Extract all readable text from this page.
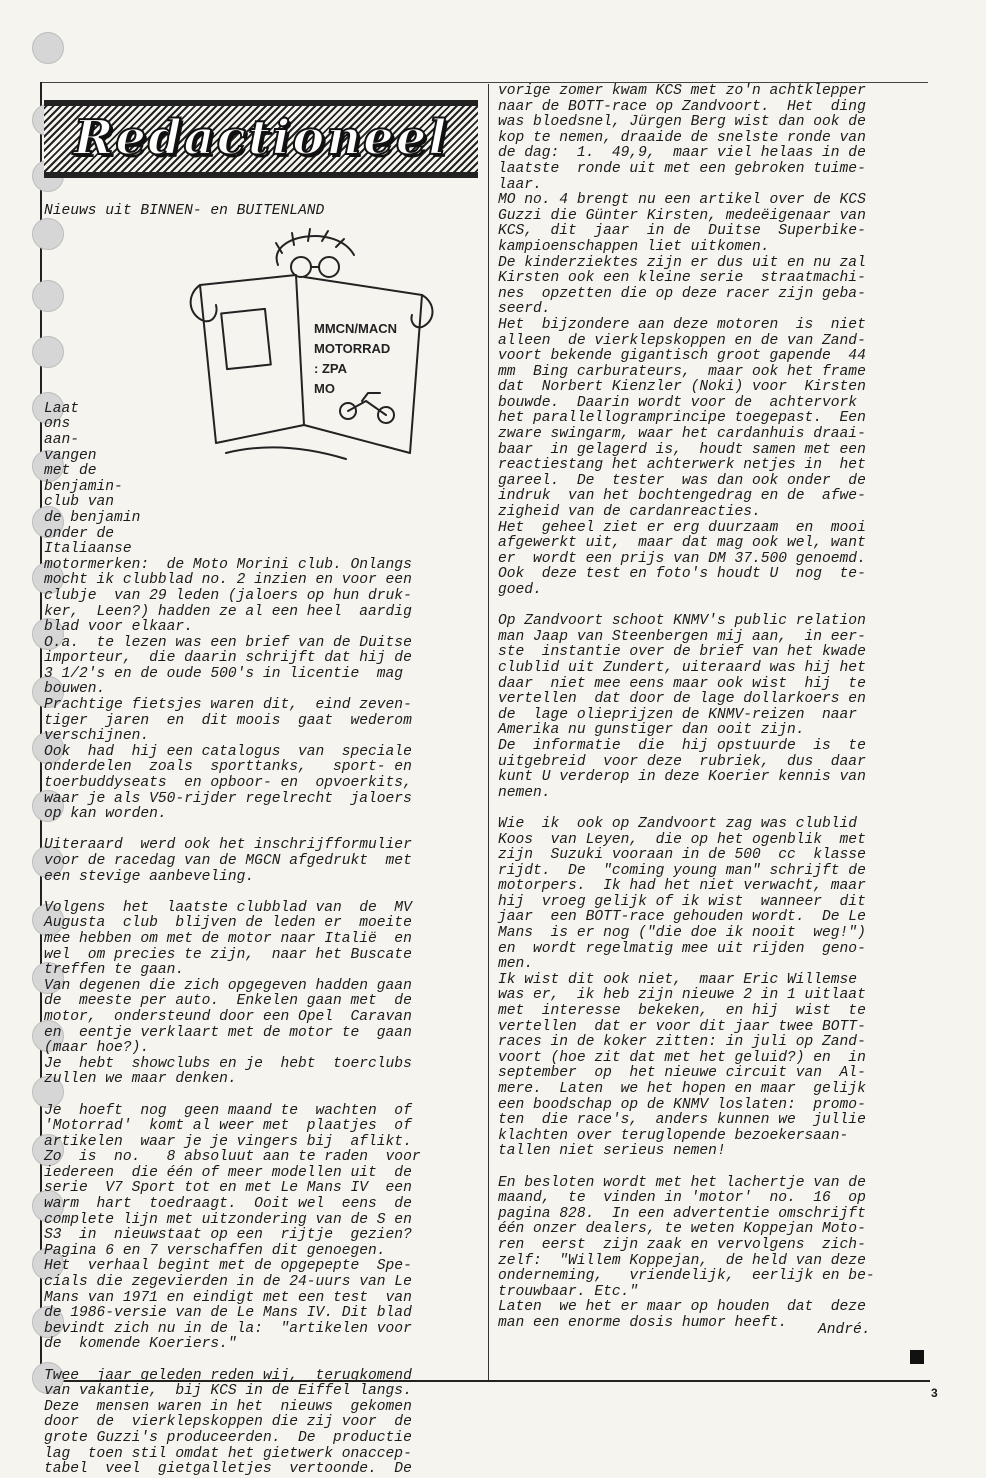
Redactioneel
Nieuws uit BINNEN- en BUITENLAND
MMCN/MACN
MOTORRAD
: ZPA
MO

Laat
ons
aan-
vangen
met de
benjamin-
club van
de benjamin
onder de
Italiaanse
motormerken:  de Moto Morini club. Onlangs
mocht ik clubblad no. 2 inzien en voor een
clubje  van 29 leden (jaloers op hun druk-
ker,  Leen?) hadden ze al een heel  aardig
blad voor elkaar.
O.a.  te lezen was een brief van de Duitse
importeur,  die daarin schrijft dat hij de
3 1/2's en de oude 500's in licentie  mag
bouwen.
Prachtige fietsjes waren dit,  eind zeven-
tiger  jaren  en  dit moois  gaat  wederom
verschijnen.
Ook  had  hij een catalogus  van  speciale
onderdelen  zoals  sporttanks,   sport- en
toerbuddyseats  en opboor- en  opvoerkits,
waar je als V50-rijder regelrecht  jaloers
op kan worden.

Uiteraard  werd ook het inschrijfformulier
voor de racedag van de MGCN afgedrukt  met
een stevige aanbeveling.

Volgens  het  laatste clubblad van  de  MV
Augusta  club  blijven de leden er  moeite
mee hebben om met de motor naar Italië  en
wel  om precies te zijn,  naar het Buscate
treffen te gaan.
Van degenen die zich opgegeven hadden gaan
de  meeste per auto.  Enkelen gaan met  de
motor,  ondersteund door een Opel  Caravan
en  eentje verklaart met de motor te  gaan
(maar hoe?).
Je  hebt  showclubs en je  hebt  toerclubs
zullen we maar denken.

Je  hoeft  nog  geen maand te  wachten  of
'Motorrad'  komt al weer met  plaatjes  of
artikelen  waar je je vingers bij  aflikt.
Zo  is  no.   8 absoluut aan te raden  voor
iedereen  die één of meer modellen uit  de
serie  V7 Sport tot en met Le Mans IV  een
warm  hart  toedraagt.  Ooit wel  eens  de
complete lijn met uitzondering van de S en
S3  in  nieuwstaat op een  rijtje  gezien?
Pagina 6 en 7 verschaffen dit genoegen.
Het  verhaal begint met de opgepepte  Spe-
cials die zegevierden in de 24-uurs van Le
Mans van 1971 en eindigt met een test  van
de 1986-versie van de Le Mans IV. Dit blad
bevindt zich nu in de la:  "artikelen voor
de  komende Koeriers."

Twee  jaar geleden reden wij,  terugkomend
van vakantie,  bij KCS in de Eiffel langs.
Deze  mensen waren in het  nieuws  gekomen
door  de  vierklepskoppen die zij voor  de
grote Guzzi's produceerden.  De  productie
lag  toen stil omdat het gietwerk onaccep-
tabel  veel  gietgalletjes  vertoonde.  De
vorige zomer kwam KCS met zo'n achtklepper
naar de BOTT-race op Zandvoort.  Het  ding
was bloedsnel, Jürgen Berg wist dan ook de
kop te nemen, draaide de snelste ronde van
de dag:  1.  49,9,  maar viel helaas in de
laatste  ronde uit met een gebroken tuime-
laar.
MO no. 4 brengt nu een artikel over de KCS
Guzzi die Günter Kirsten, medeëigenaar van
KCS,  dit  jaar  in de  Duitse  Superbike-
kampioenschappen liet uitkomen.
De kinderziektes zijn er dus uit en nu zal
Kirsten ook een kleine serie  straatmachi-
nes  opzetten die op deze racer zijn geba-
seerd.
Het  bijzondere aan deze motoren  is  niet
alleen  de vierklepskoppen en de van Zand-
voort bekende gigantisch groot gapende  44
mm  Bing carburateurs,  maar ook het frame
dat  Norbert Kienzler (Noki) voor  Kirsten
bouwde.  Daarin wordt voor de  achtervork
het parallellogramprincipe toegepast.  Een
zware swingarm, waar het cardanhuis draai-
baar  in gelagerd is,  houdt samen met een
reactiestang het achterwerk netjes in  het
gareel.  De  tester  was dan ook onder  de
indruk  van het bochtengedrag en de  afwe-
zigheid van de cardanreacties.
Het  geheel ziet er erg duurzaam  en  mooi
afgewerkt uit,  maar dat mag ook wel, want
er  wordt een prijs van DM 37.500 genoemd.
Ook  deze test en foto's houdt U  nog  te-
goed.

Op Zandvoort schoot KNMV's public relation
man Jaap van Steenbergen mij aan,  in eer-
ste  instantie over de brief van het kwade
clublid uit Zundert, uiteraard was hij het
daar  niet mee eens maar ook wist  hij  te
vertellen  dat door de lage dollarkoers en
de  lage olieprijzen de KNMV-reizen  naar
Amerika nu gunstiger dan ooit zijn.
De  informatie  die  hij opstuurde  is  te
uitgebreid  voor deze  rubriek,  dus  daar
kunt U verderop in deze Koerier kennis van
nemen.

Wie  ik  ook op Zandvoort zag was clublid
Koos  van Leyen,  die op het ogenblik  met
zijn  Suzuki vooraan in de 500  cc  klasse
rijdt.  De  "coming young man" schrijft de
motorpers.  Ik had het niet verwacht, maar
hij  vroeg gelijk of ik wist  wanneer  dit
jaar  een BOTT-race gehouden wordt.  De Le
Mans  is er nog ("die doe ik nooit  weg!")
en  wordt regelmatig mee uit rijden  geno-
men.
Ik wist dit ook niet,  maar Eric Willemse
was er,  ik heb zijn nieuwe 2 in 1 uitlaat
met  interesse  bekeken,  en hij  wist  te
vertellen  dat er voor dit jaar twee BOTT-
races in de koker zitten: in juli op Zand-
voort (hoe zit dat met het geluid?) en  in
september  op  het nieuwe circuit van  Al-
mere.  Laten  we het hopen en maar  gelijk
een boodschap op de KNMV loslaten:  promo-
ten  die race's,  anders kunnen we  jullie
klachten over teruglopende bezoekersaan-
tallen niet serieus nemen!

En besloten wordt met het lachertje van de
maand,  te  vinden in 'motor'  no.  16  op
pagina 828.  In een advertentie omschrijft
één onzer dealers, te weten Koppejan Moto-
ren  eerst  zijn zaak en vervolgens  zich-
zelf:  "Willem Koppejan,  de held van deze
onderneming,   vriendelijk,  eerlijk en be-
trouwbaar. Etc."
Laten  we het er maar op houden  dat  deze
man een enorme dosis humor heeft.	André.
3
